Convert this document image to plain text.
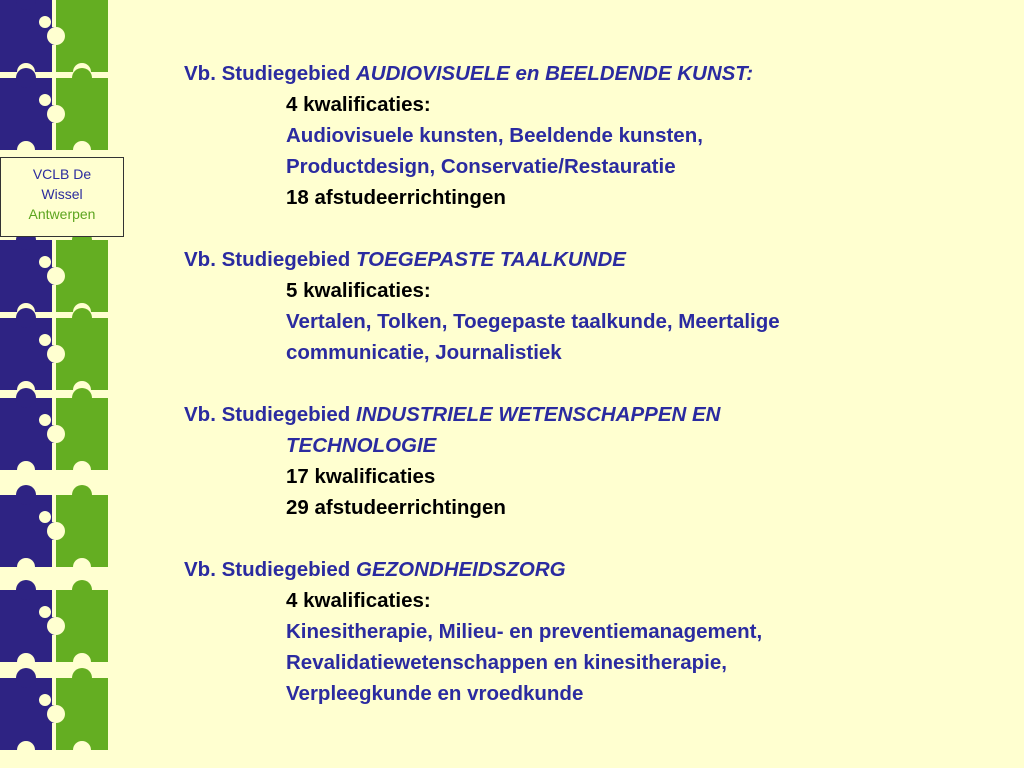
VCLB De
Wissel
Antwerpen
Vb. Studiegebied AUDIOVISUELE en BEELDENDE KUNST:
4 kwalificaties:
Audiovisuele kunsten, Beeldende kunsten,
Productdesign, Conservatie/Restauratie
18 afstudeerrichtingen
Vb. Studiegebied TOEGEPASTE TAALKUNDE
5 kwalificaties:
Vertalen, Tolken, Toegepaste taalkunde, Meertalige
communicatie, Journalistiek
Vb. Studiegebied INDUSTRIELE WETENSCHAPPEN EN
TECHNOLOGIE
17 kwalificaties
29 afstudeerrichtingen
Vb. Studiegebied GEZONDHEIDSZORG
4 kwalificaties:
Kinesitherapie, Milieu- en preventiemanagement,
Revalidatiewetenschappen en kinesitherapie,
Verpleegkunde en vroedkunde
